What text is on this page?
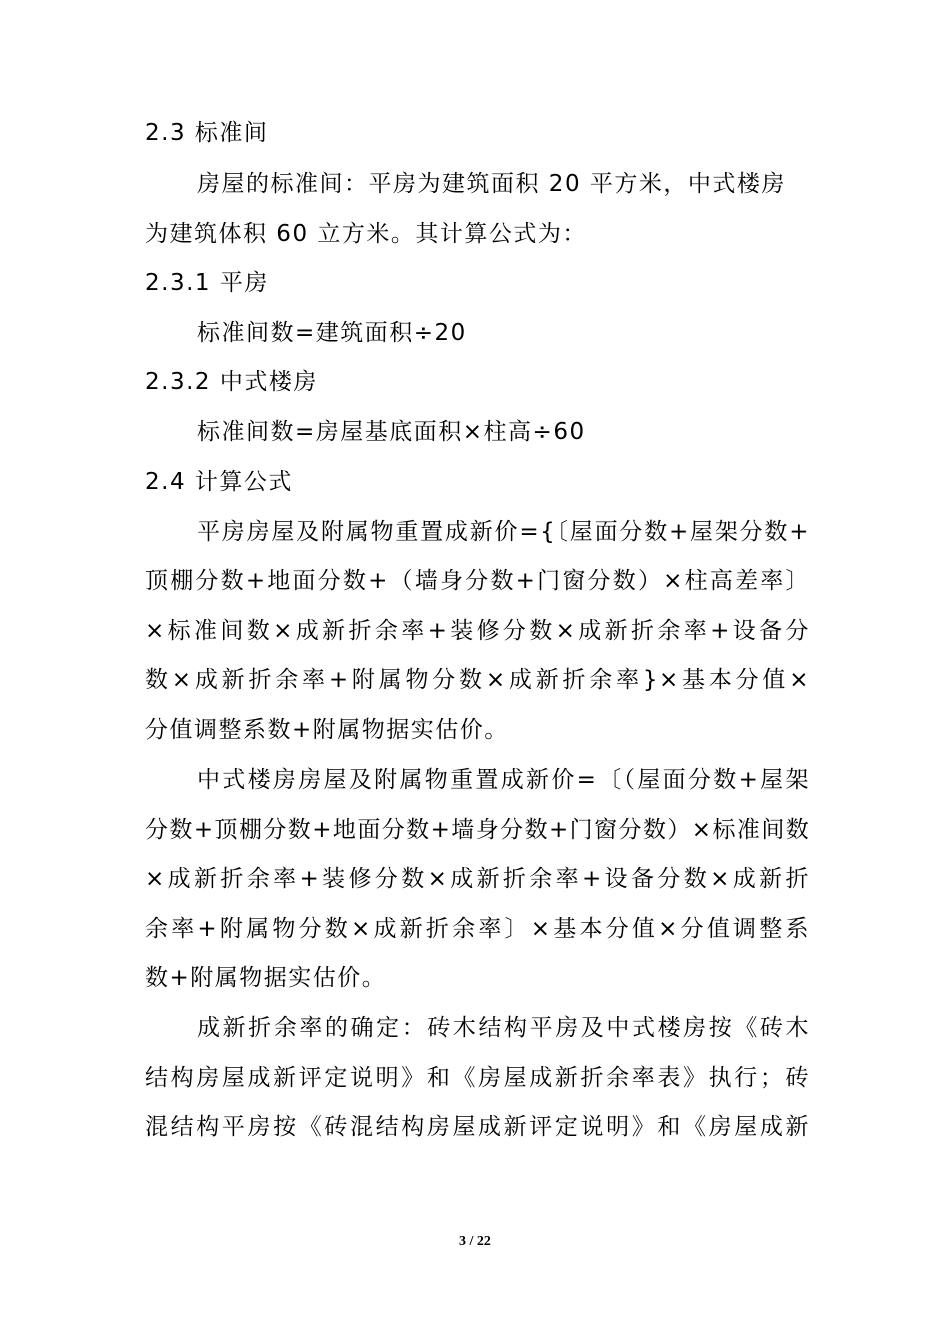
2.3 标准间
房屋的标准间：平房为建筑面积 20 平方米，中式楼房
为建筑体积 60 立方米。其计算公式为：
2.3.1 平房
标准间数=建筑面积÷20
2.3.2 中式楼房
标准间数=房屋基底面积×柱高÷60
2.4 计算公式
平房房屋及附属物重置成新价={〔屋面分数+屋架分数+
顶棚分数+地面分数+（墙身分数+门窗分数）×柱高差率〕
×标准间数×成新折余率+装修分数×成新折余率+设备分
数×成新折余率+附属物分数×成新折余率}×基本分值×
分值调整系数+附属物据实估价。
中式楼房房屋及附属物重置成新价=〔（屋面分数+屋架
分数+顶棚分数+地面分数+墙身分数+门窗分数）×标准间数
×成新折余率+装修分数×成新折余率+设备分数×成新折
余率+附属物分数×成新折余率〕×基本分值×分值调整系
数+附属物据实估价。
成新折余率的确定：砖木结构平房及中式楼房按《砖木
结构房屋成新评定说明》和《房屋成新折余率表》执行；砖
混结构平房按《砖混结构房屋成新评定说明》和《房屋成新
3 / 22
